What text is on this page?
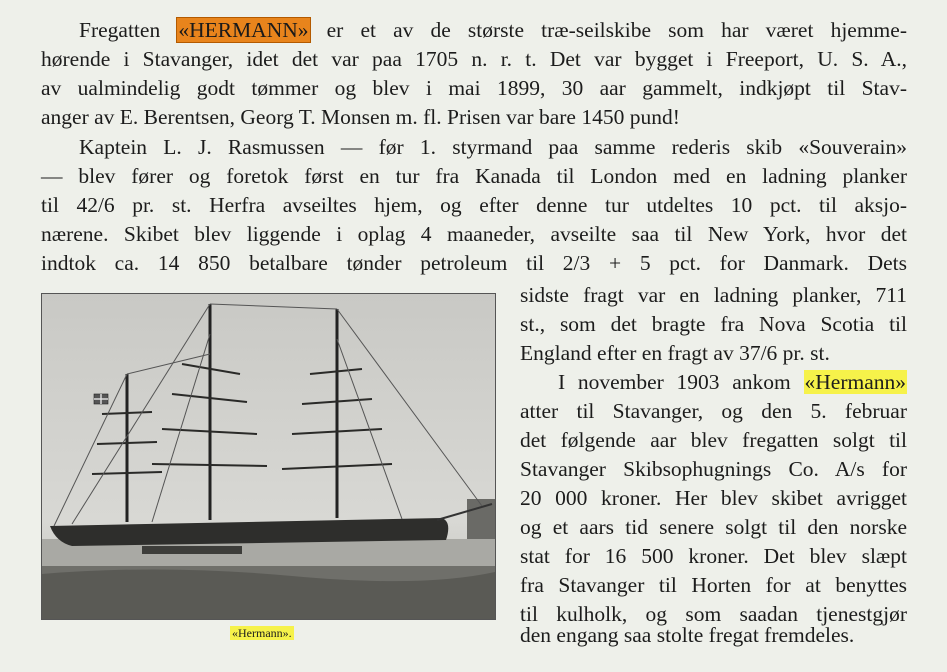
Fregatten «HERMANN» er et av de største træ-seilskibe som har været hjemme-
hørende i Stavanger, idet det var paa 1705 n. r. t. Det var bygget i Freeport, U. S. A.,
av ualmindelig godt tømmer og blev i mai 1899, 30 aar gammelt, indkjøpt til Stav-
anger av E. Berentsen, Georg T. Monsen m. fl. Prisen var bare 1450 pund!
Kaptein L. J. Rasmussen — før 1. styrmand paa samme rederis skib «Souverain»
— blev fører og foretok først en tur fra Kanada til London med en ladning planker
til 42/6 pr. st. Herfra avseiltes hjem, og efter denne tur utdeltes 10 pct. til aksjo-
nærene. Skibet blev liggende i oplag 4 maaneder, avseilte saa til New York, hvor det
indtok ca. 14 850 betalbare tønder petroleum til 2/3 + 5 pct. for Danmark. Dets
«Hermann».
sidste fragt var en ladning planker, 711
st., som det bragte fra Nova Scotia til
England efter en fragt av 37/6 pr. st.
I november 1903 ankom «Hermann»
atter til Stavanger, og den 5. februar
det følgende aar blev fregatten solgt til
Stavanger Skibsophugnings Co. A/s for
20 000 kroner. Her blev skibet avrigget
og et aars tid senere solgt til den norske
stat for 16 500 kroner. Det blev slæpt
fra Stavanger til Horten for at benyttes
til kulholk, og som saadan tjenestgjør
den engang saa stolte fregat fremdeles.
